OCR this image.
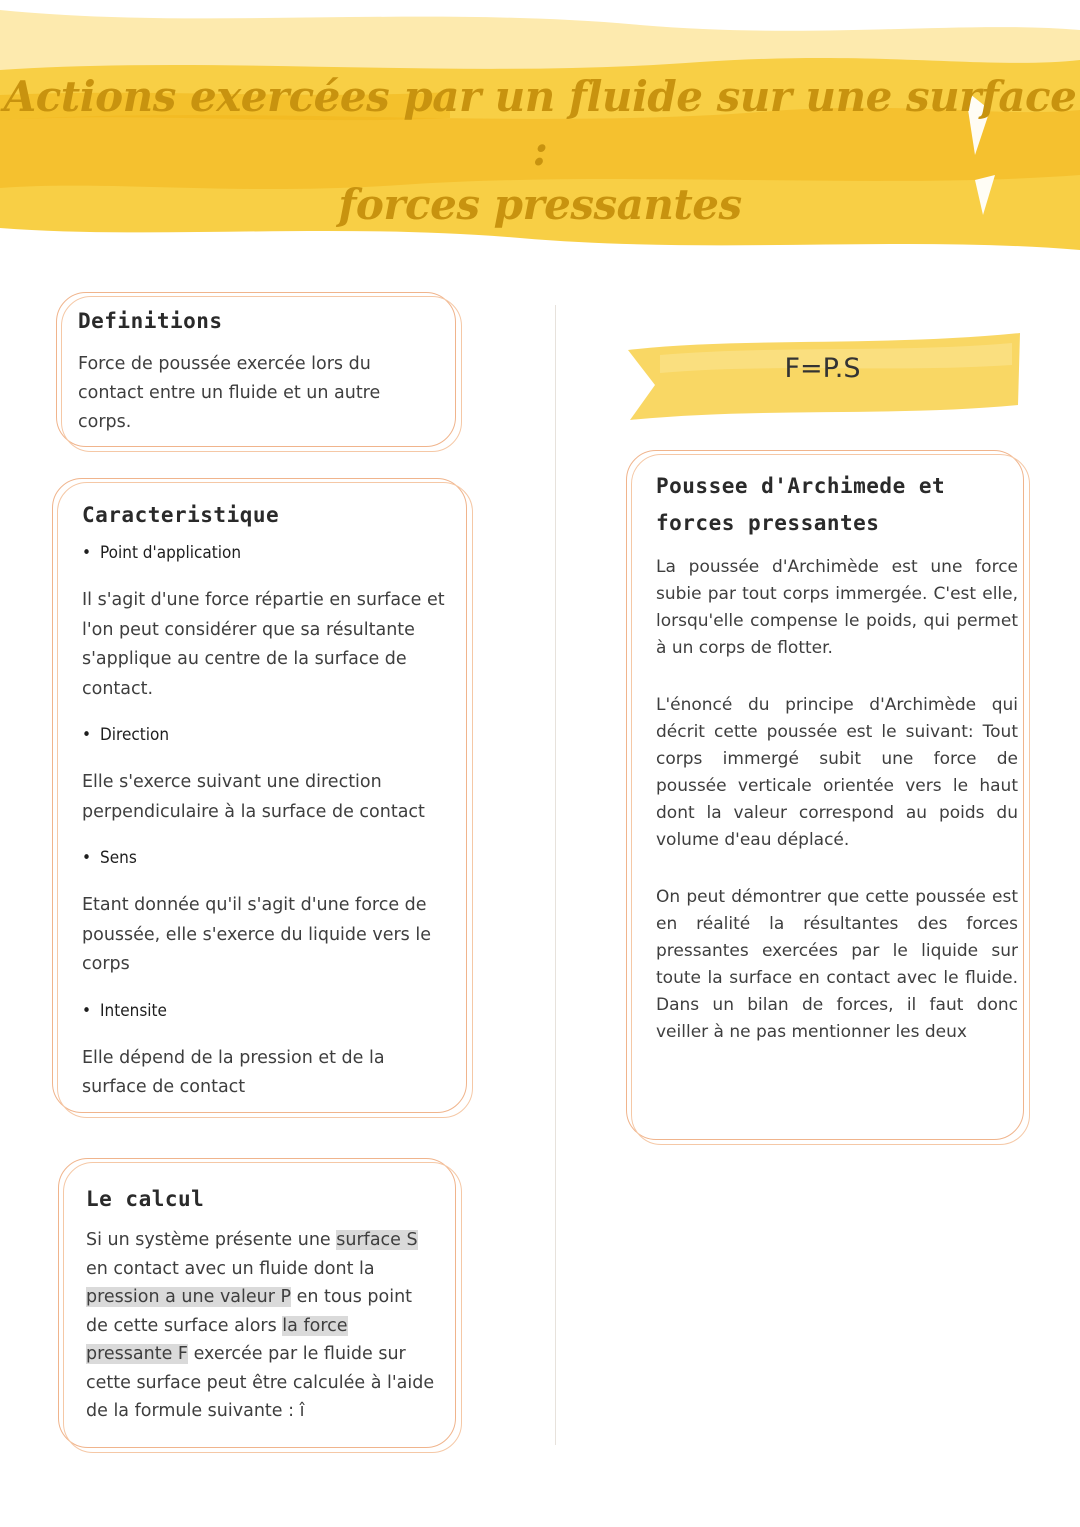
Actions exercées par un fluide sur une surface :
forces pressantes
Definitions

Force de poussée exercée lors du contact entre un fluide et un autre corps.

Caracteristique
• Point d'application

Il s'agit d'une force répartie en surface et l'on peut considérer que sa résultante s'applique au centre de la surface de contact.

• Direction

Elle s'exerce suivant une direction perpendiculaire à la surface de contact

• Sens

Etant donnée qu'il s'agit d'une force de poussée, elle s'exerce du liquide vers le corps

• Intensite

Elle dépend de la pression et de la surface de contact

Le calcul

Si un système présente une surface S en contact avec un fluide dont la pression a une valeur P en tous point de cette surface alors la force pressante F exercée par le fluide sur cette surface peut être calculée à l'aide de la formule suivante : î

F=P.S
Poussee d'Archimede et
forces pressantes

La poussée d'Archimède est une force subie par tout corps immergée. C'est elle, lorsqu'elle compense le poids, qui permet à un corps de flotter.

L'énoncé du principe d'Archimède qui décrit cette poussée est le suivant: Tout corps immergé subit une force de poussée verticale orientée vers le haut dont la valeur correspond au poids du volume d'eau déplacé.

On peut démontrer que cette poussée est en réalité la résultantes des forces pressantes exercées par le liquide sur toute la surface en contact avec le fluide. Dans un bilan de forces, il faut donc veiller à ne pas mentionner les deux
